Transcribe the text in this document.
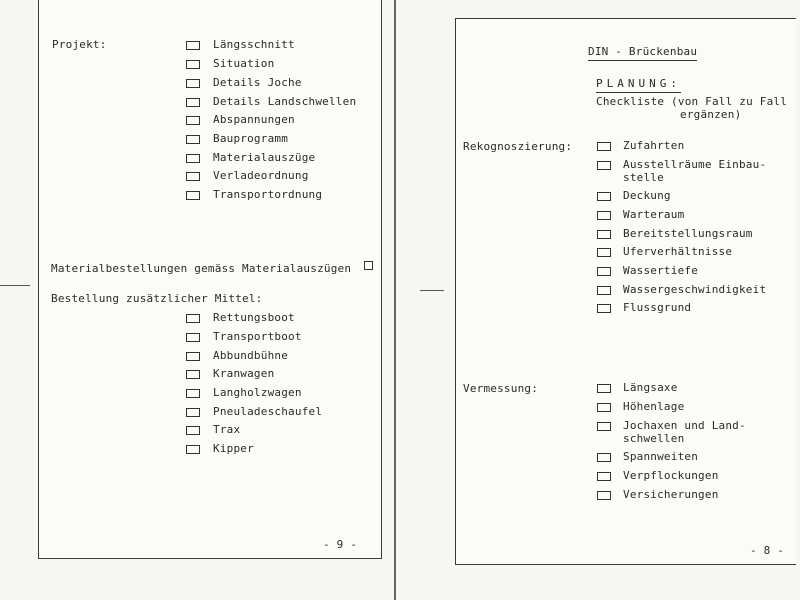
Projekt:	Längsschnitt
Situation
Details Joche
Details Landschwellen
Abspannungen
Bauprogramm
Materialauszüge
Verladeordnung
Transportordnung
Materialbestellungen gemäss Materialauszügen
Bestellung zusätzlicher Mittel:
Rettungsboot
Transportboot
Abbundbühne
Kranwagen
Langholzwagen
Pneuladeschaufel
Trax
Kipper
- 9 -
DIN - Brückenbau
PLANUNG:
Checkliste (von Fall zu Fall
ergänzen)
Rekognoszierung:	Zufahrten
Ausstellräume Einbau-
stelle
Deckung
Warteraum
Bereitstellungsraum
Uferverhältnisse
Wassertiefe
Wassergeschwindigkeit
Flussgrund
Vermessung:	Längsaxe
Höhenlage
Jochaxen und Land-
schwellen
Spannweiten
Verpflockungen
Versicherungen
- 8 -
